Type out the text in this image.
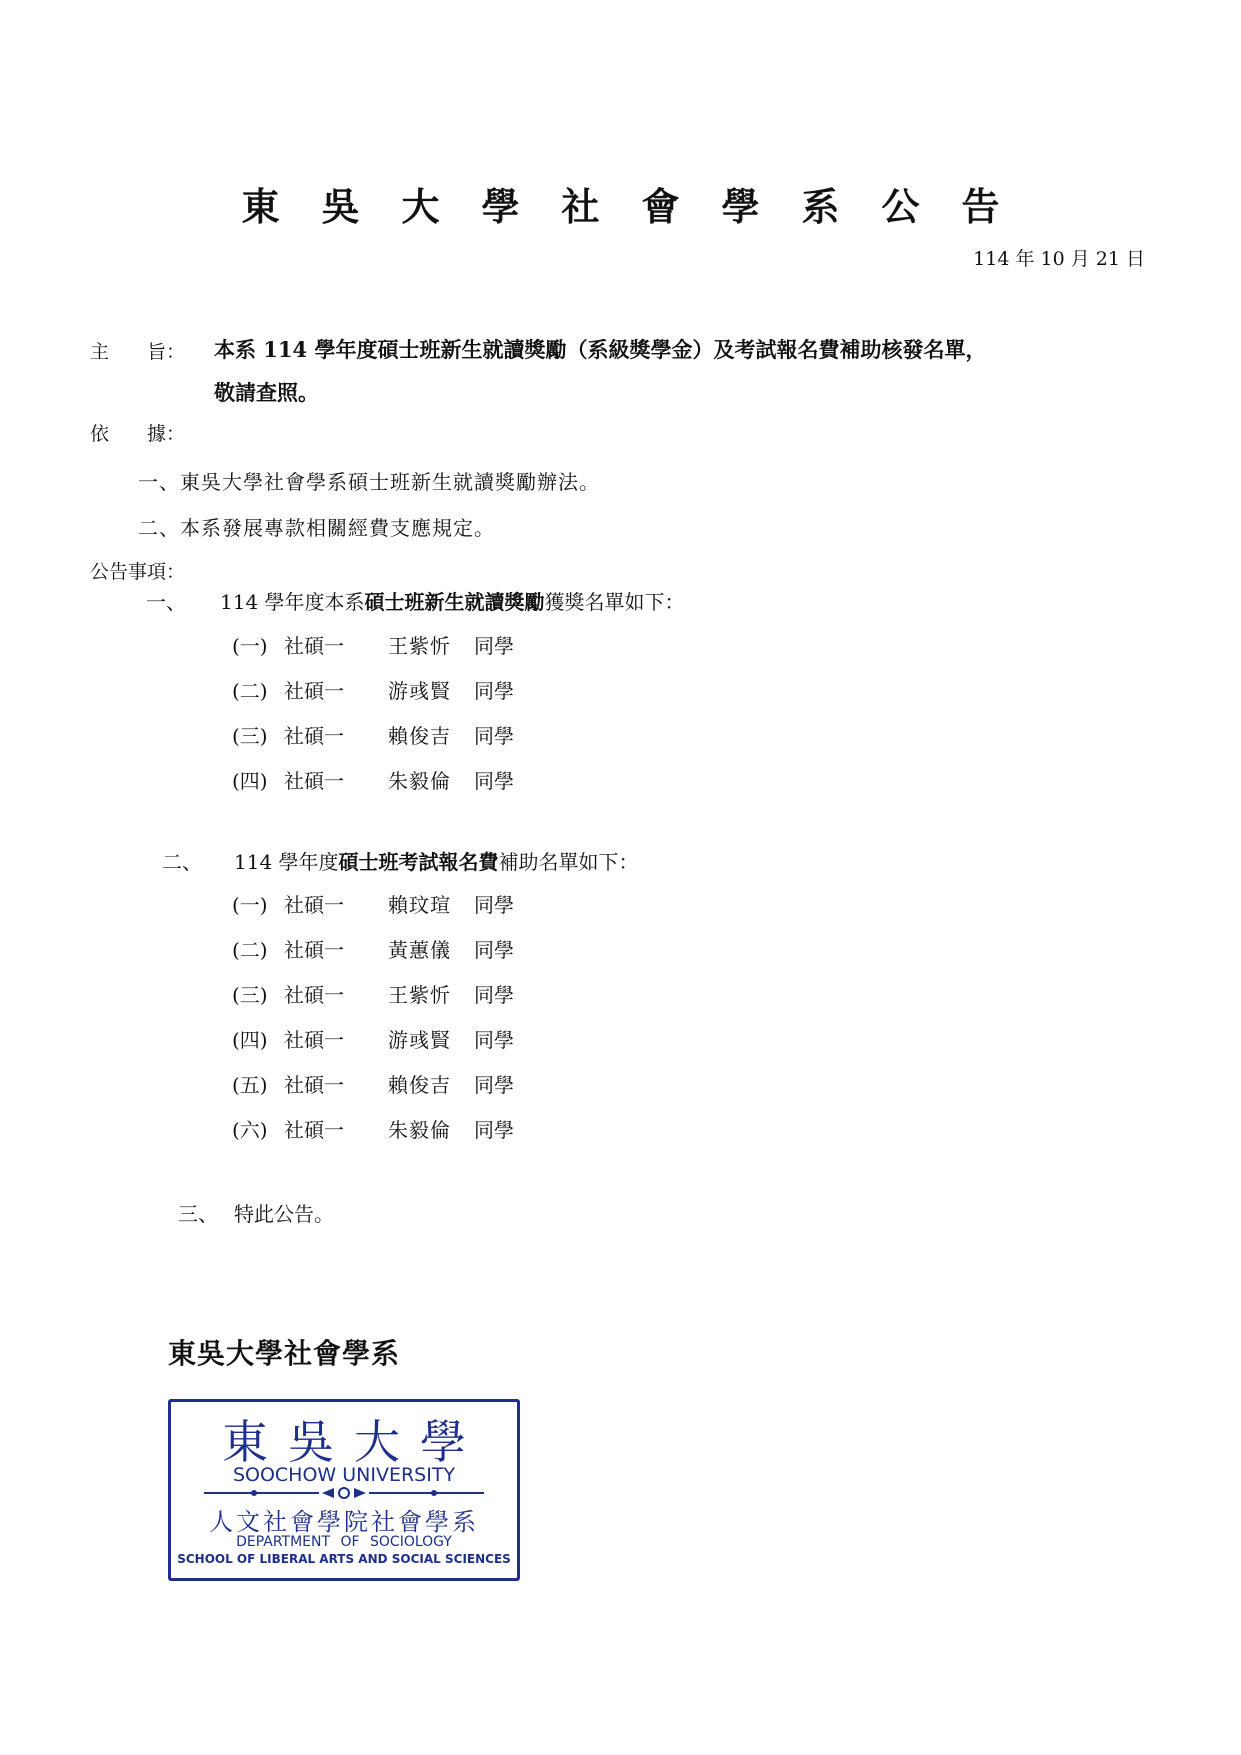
東吳大學社會學系公告
114 年 10 月 21 日
主　　旨： 本系 114 學年度碩士班新生就讀獎勵（系級獎學金）及考試報名費補助核發名單，
敬請查照。
依　　據：
一、東吳大學社會學系碩士班新生就讀獎勵辦法。
二、本系發展專款相關經費支應規定。
公告事項：
一、 114 學年度本系碩士班新生就讀獎勵獲獎名單如下：
(一) 社碩一	王紫忻	同學
(二) 社碩一	游彧賢	同學
(三) 社碩一	賴俊吉	同學
(四) 社碩一	朱毅倫	同學
二、 114 學年度碩士班考試報名費補助名單如下：
(一) 社碩一	賴玟瑄	同學
(二) 社碩一	黃蕙儀	同學
(三) 社碩一	王紫忻	同學
(四) 社碩一	游彧賢	同學
(五) 社碩一	賴俊吉	同學
(六) 社碩一	朱毅倫	同學
三、 特此公告。
東吳大學社會學系
東吳大學
SOOCHOW UNIVERSITY
人文社會學院社會學系
DEPARTMENT OF SOCIOLOGY
SCHOOL OF LIBERAL ARTS AND SOCIAL SCIENCES
